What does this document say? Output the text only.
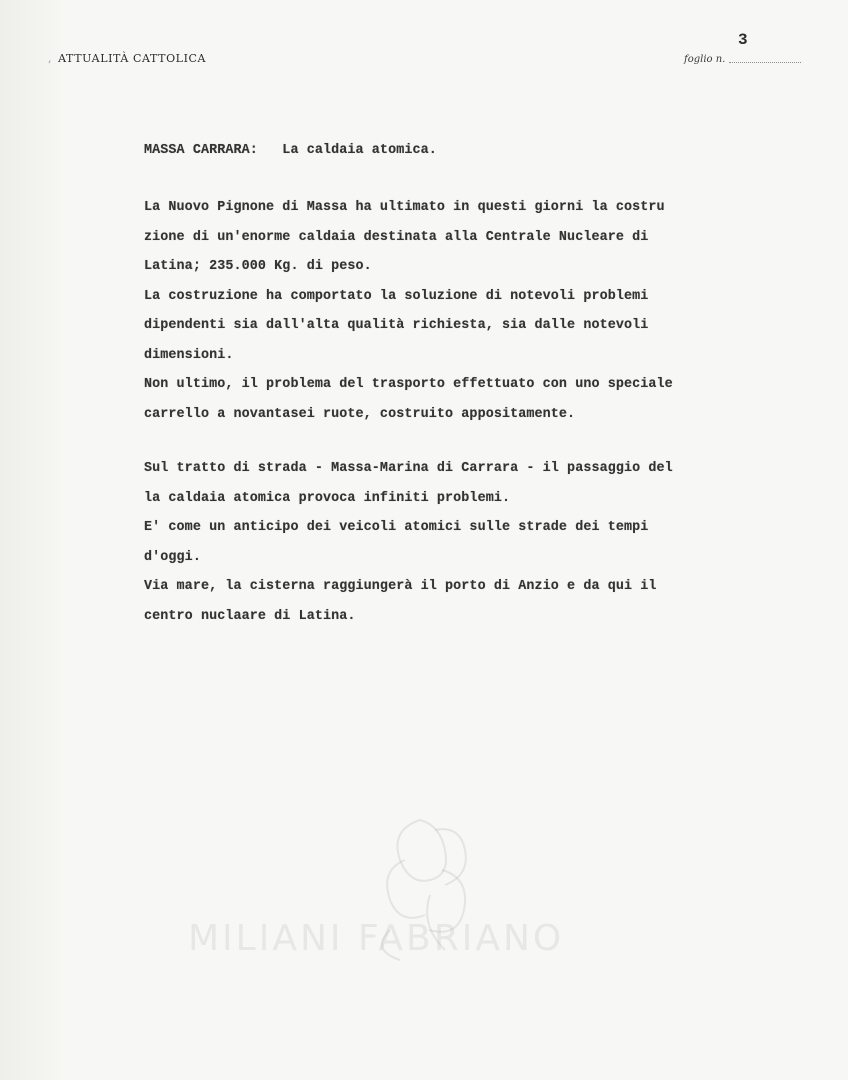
, ATTUALITÀ CATTOLICA
3
foglio n.
MASSA CARRARA:   La caldaia atomica.
La Nuovo Pignone di Massa ha ultimato in questi giorni la costru
zione di un'enorme caldaia destinata alla Centrale Nucleare di
Latina; 235.000 Kg. di peso.
La costruzione ha comportato la soluzione di notevoli problemi
dipendenti sia dall'alta qualità richiesta, sia dalle notevoli
dimensioni.
Non ultimo, il problema del trasporto effettuato con uno speciale
carrello a novantasei ruote, costruito appositamente.
Sul tratto di strada - Massa-Marina di Carrara - il passaggio del
la caldaia atomica provoca infiniti problemi.
E' come un anticipo dei veicoli atomici sulle strade dei tempi
d'oggi.
Via mare, la cisterna raggiungerà il porto di Anzio e da qui il
centro nuclaare di Latina.
MILIANI FABRIANO
